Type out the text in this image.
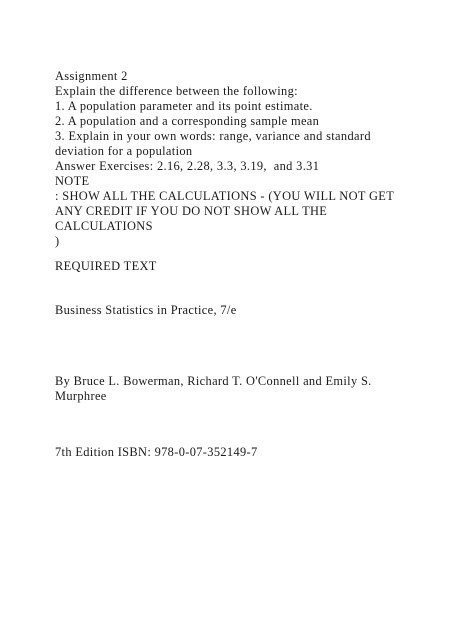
Assignment 2
Explain the difference between the following:
1. A population parameter and its point estimate.
2. A population and a corresponding sample mean
3. Explain in your own words: range, variance and standard
deviation for a population
Answer Exercises: 2.16, 2.28, 3.3, 3.19,  and 3.31
NOTE
: SHOW ALL THE CALCULATIONS - (YOU WILL NOT GET
ANY CREDIT IF YOU DO NOT SHOW ALL THE
CALCULATIONS
)
REQUIRED TEXT
Business Statistics in Practice, 7/e
By Bruce L. Bowerman, Richard T. O'Connell and Emily S.
Murphree
7th Edition ISBN: 978-0-07-352149-7
